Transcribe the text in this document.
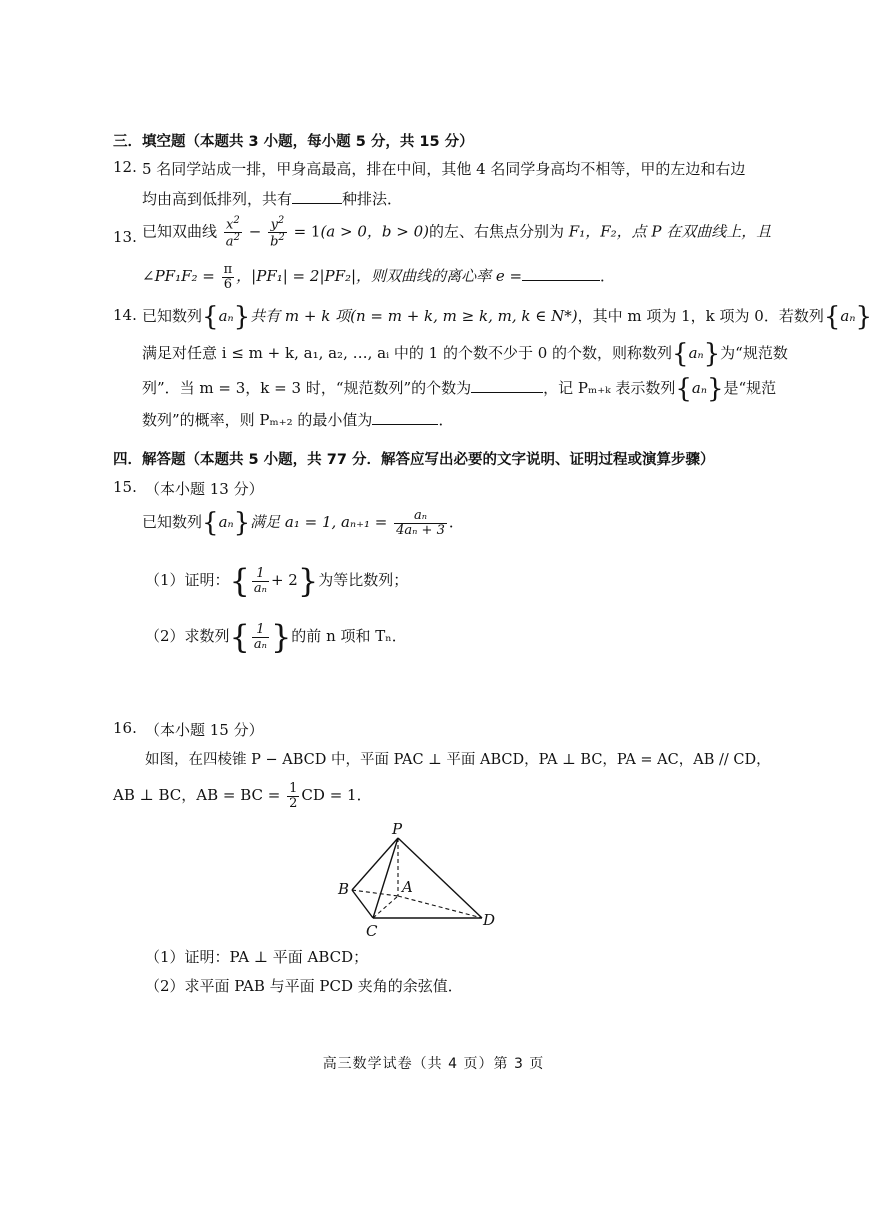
三．填空题（本题共 3 小题，每小题 5 分，共 15 分）
12. 5 名同学站成一排，甲身高最高，排在中间，其他 4 名同学身高均不相等，甲的左边和右边
均由高到低排列，共有	种排法．
13. 已知双曲线 $\frac{x^2}{a^2} - \frac{y^2}{b^2} = 1(a > 0$，b > 0)的左、右焦点分别为 F₁，F₂，点 P 在双曲线上，且
∠PF₁F₂ = $\frac{\pi}{6}$ ，|PF₁| = 2|PF₂|，则双曲线的离心率 e =	．
14. 已知数列{aₙ}共有 m + k 项(n = m + k, m ≥ k, m, k ∈ N*)，其中 m 项为 1，k 项为 0．若数列{aₙ}
满足对任意 i ≤ m + k, a₁, a₂, …, aᵢ 中的 1 的个数不少于 0 的个数，则称数列{aₙ}为“规范数
列”．当 m = 3，k = 3 时，“规范数列”的个数为	，记 Pₘ₊ₖ 表示数列{aₙ}是“规范
数列”的概率，则 Pₘ₊₂ 的最小值为	．
四．解答题（本题共 5 小题，共 77 分．解答应写出必要的文字说明、证明过程或演算步骤）
15. （本小题 13 分）
已知数列{aₙ}满足 a₁ = 1, $a_{n+1} = \frac{\text{aₙ}}{\text{4aₙ + 3}}$ ．
（1）证明：{ $\frac{1}{\text{aₙ}} + 2$}为等比数列；
（2）求数列{ $\frac{1}{\text{aₙ}}$ }的前 n 项和 Tₙ．
16. （本小题 15 分）
如图，在四棱锥 P − ABCD 中，平面 PAC ⊥ 平面 ABCD，PA ⊥ BC，PA = AC，AB // CD，
AB ⊥ BC，AB = BC = $\frac{1}{2}$ CD = 1．
P
A
B
C
D
（1）证明：PA ⊥ 平面 ABCD；
（2）求平面 PAB 与平面 PCD 夹角的余弦值．
高三数学试卷（共 4 页）第 3 页
